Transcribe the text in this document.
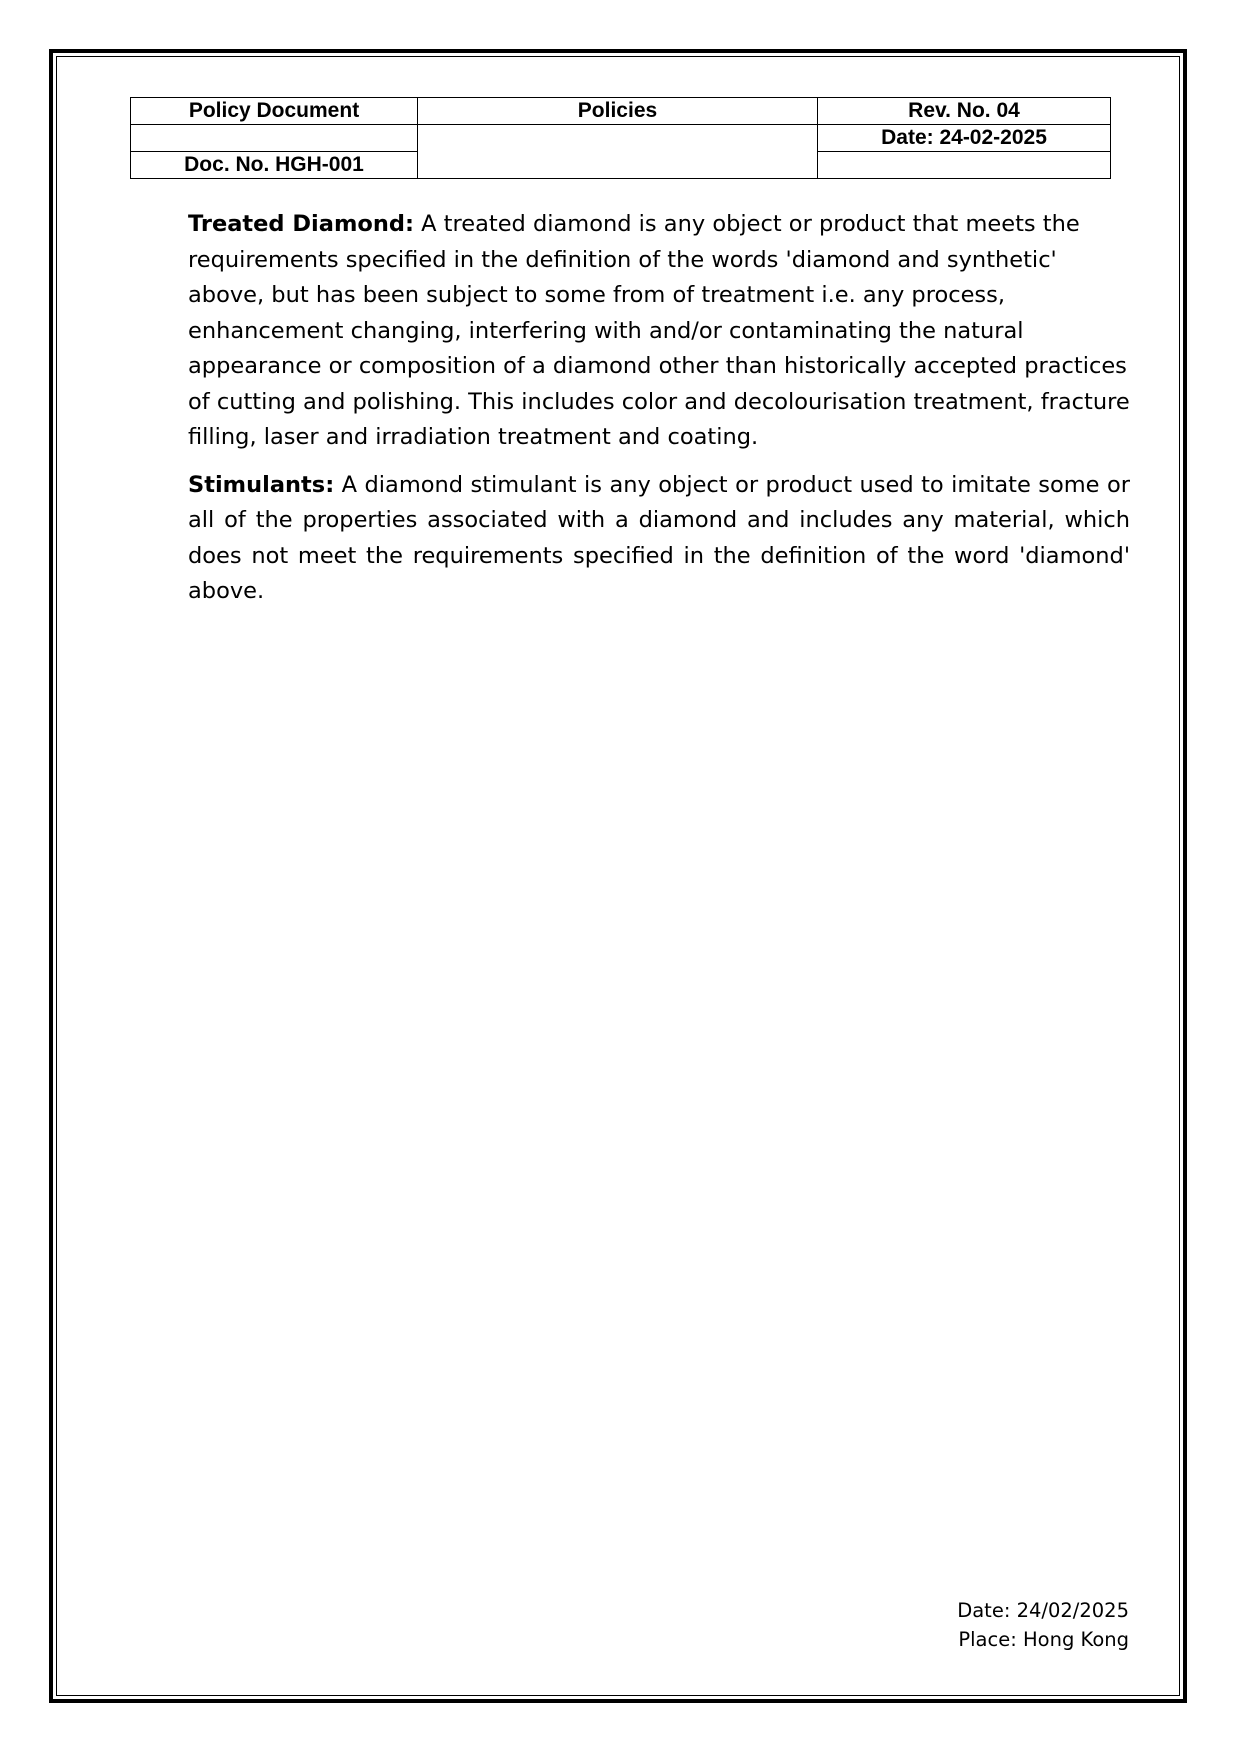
Policy Document	Policies	Rev. No. 04
		Date: 24-02-2025
Doc. No. HGH-001		

Treated Diamond: A treated diamond is any object or product that meets the requirements specified in the definition of the words 'diamond and synthetic' above, but has been subject to some from of treatment i.e. any process, enhancement changing, interfering with and/or contaminating the natural appearance or composition of a diamond other than historically accepted practices of cutting and polishing. This includes color and decolourisation treatment, fracture filling, laser and irradiation treatment and coating.

Stimulants: A diamond stimulant is any object or product used to imitate some or all of the properties associated with a diamond and includes any material, which does not meet the requirements specified in the definition of the word 'diamond' above.

Date: 24/02/2025
Place: Hong Kong
